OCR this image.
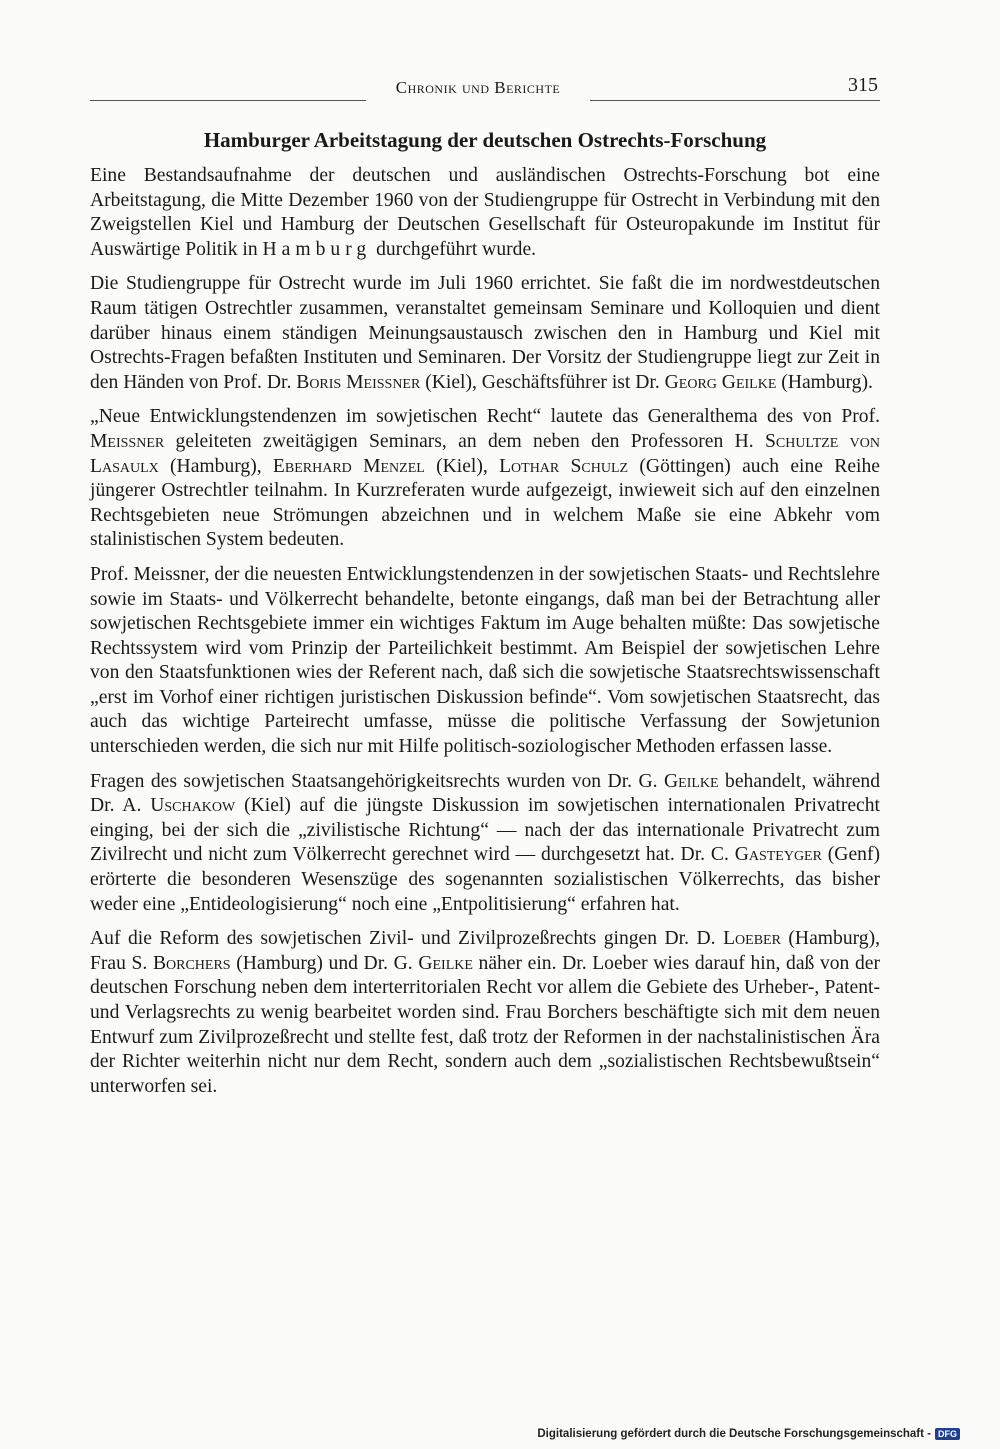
Chronik und Berichte	315
Hamburger Arbeitstagung der deutschen Ostrechts-Forschung

Eine Bestandsaufnahme der deutschen und ausländischen Ostrechts-Forschung bot eine Arbeitstagung, die Mitte Dezember 1960 von der Studiengruppe für Ostrecht in Verbindung mit den Zweigstellen Kiel und Hamburg der Deutschen Gesellschaft für Osteuropakunde im Institut für Auswärtige Politik in Hamburg durchgeführt wurde.

Die Studiengruppe für Ostrecht wurde im Juli 1960 errichtet. Sie faßt die im nordwestdeutschen Raum tätigen Ostrechtler zusammen, veranstaltet gemeinsam Seminare und Kolloquien und dient darüber hinaus einem ständigen Meinungsaustausch zwischen den in Hamburg und Kiel mit Ostrechts-Fragen befaßten Instituten und Seminaren. Der Vorsitz der Studiengruppe liegt zur Zeit in den Händen von Prof. Dr. Boris Meissner (Kiel), Geschäftsführer ist Dr. Georg Geilke (Hamburg).

„Neue Entwicklungstendenzen im sowjetischen Recht“ lautete das Generalthema des von Prof. Meissner geleiteten zweitägigen Seminars, an dem neben den Professoren H. Schultze von Lasaulx (Hamburg), Eberhard Menzel (Kiel), Lothar Schulz (Göttingen) auch eine Reihe jüngerer Ostrechtler teilnahm. In Kurzreferaten wurde aufgezeigt, inwieweit sich auf den einzelnen Rechtsgebieten neue Strömungen abzeichnen und in welchem Maße sie eine Abkehr vom stalinistischen System bedeuten.

Prof. Meissner, der die neuesten Entwicklungstendenzen in der sowjetischen Staats- und Rechtslehre sowie im Staats- und Völkerrecht behandelte, betonte eingangs, daß man bei der Betrachtung aller sowjetischen Rechtsgebiete immer ein wichtiges Faktum im Auge behalten müßte: Das sowjetische Rechtssystem wird vom Prinzip der Parteilichkeit bestimmt. Am Beispiel der sowjetischen Lehre von den Staatsfunktionen wies der Referent nach, daß sich die sowjetische Staatsrechtswissenschaft „erst im Vorhof einer richtigen juristischen Diskussion befinde“. Vom sowjetischen Staatsrecht, das auch das wichtige Parteirecht umfasse, müsse die politische Verfassung der Sowjetunion unterschieden werden, die sich nur mit Hilfe politisch-soziologischer Methoden erfassen lasse.

Fragen des sowjetischen Staatsangehörigkeitsrechts wurden von Dr. G. Geilke behandelt, während Dr. A. Uschakow (Kiel) auf die jüngste Diskussion im sowjetischen internationalen Privatrecht einging, bei der sich die „zivilistische Richtung“ — nach der das internationale Privatrecht zum Zivilrecht und nicht zum Völkerrecht gerechnet wird — durchgesetzt hat. Dr. C. Gasteyger (Genf) erörterte die besonderen Wesenszüge des sogenannten sozialistischen Völkerrechts, das bisher weder eine „Entideologisierung“ noch eine „Entpolitisierung“ erfahren hat.

Auf die Reform des sowjetischen Zivil- und Zivilprozeßrechts gingen Dr. D. Loeber (Hamburg), Frau S. Borchers (Hamburg) und Dr. G. Geilke näher ein. Dr. Loeber wies darauf hin, daß von der deutschen Forschung neben dem interterritorialen Recht vor allem die Gebiete des Urheber-, Patent- und Verlagsrechts zu wenig bearbeitet worden sind. Frau Borchers beschäftigte sich mit dem neuen Entwurf zum Zivilprozeßrecht und stellte fest, daß trotz der Reformen in der nachstalinistischen Ära der Richter weiterhin nicht nur dem Recht, sondern auch dem „sozialistischen Rechtsbewußtsein“ unterworfen sei.

Digitalisierung gefördert durch die Deutsche Forschungsgemeinschaft - DFG
